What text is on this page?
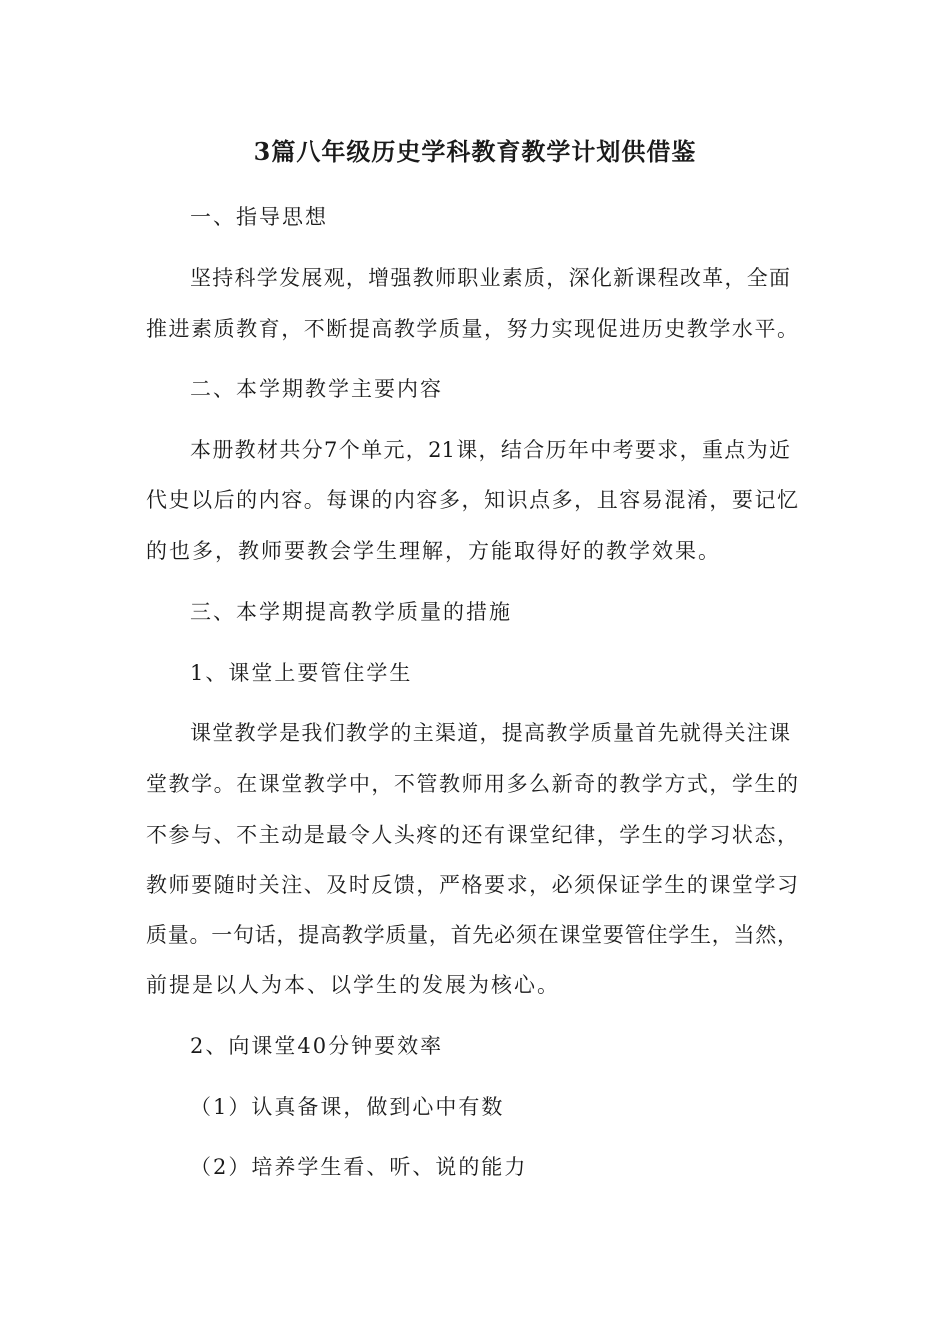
3篇八年级历史学科教育教学计划供借鉴
一、指导思想
坚持科学发展观，增强教师职业素质，深化新课程改革，全面
推进素质教育，不断提高教学质量，努力实现促进历史教学水平。
二、本学期教学主要内容
本册教材共分7个单元，21课，结合历年中考要求，重点为近
代史以后的内容。每课的内容多，知识点多，且容易混淆，要记忆
的也多，教师要教会学生理解，方能取得好的教学效果。
三、本学期提高教学质量的措施
1、课堂上要管住学生
课堂教学是我们教学的主渠道，提高教学质量首先就得关注课
堂教学。在课堂教学中，不管教师用多么新奇的教学方式，学生的
不参与、不主动是最令人头疼的还有课堂纪律，学生的学习状态，
教师要随时关注、及时反馈，严格要求，必须保证学生的课堂学习
质量。一句话，提高教学质量，首先必须在课堂要管住学生，当然，
前提是以人为本、以学生的发展为核心。
2、向课堂40分钟要效率
（1）认真备课，做到心中有数
（2）培养学生看、听、说的能力
